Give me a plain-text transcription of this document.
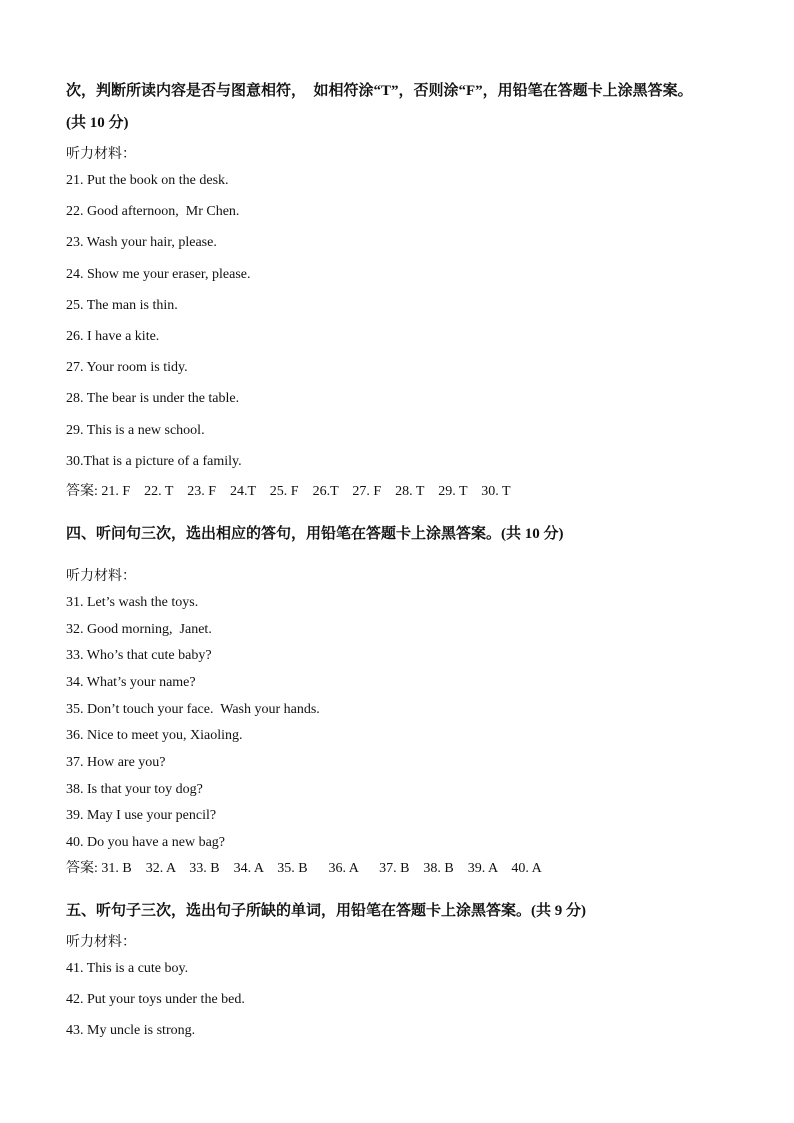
次，判断所读内容是否与图意相符，  如相符涂“T”，否则涂“F”，用铅笔在答题卡上涂黑答案。
(共 10 分)
听力材料：
21. Put the book on the desk.
22. Good afternoon,  Mr Chen.
23. Wash your hair, please.
24. Show me your eraser, please.
25. The man is thin.
26. I have a kite.
27. Your room is tidy.
28. The bear is under the table.
29. This is a new school.
30.That is a picture of a family.
答案: 21. F    22. T    23. F    24.T    25. F    26.T    27. F    28. T    29. T    30. T
四、听问句三次，选出相应的答句，用铅笔在答题卡上涂黑答案。(共 10 分)
听力材料：
31. Let’s wash the toys.
32. Good morning,  Janet.
33. Who’s that cute baby?
34. What’s your name?
35. Don’t touch your face.  Wash your hands.
36. Nice to meet you, Xiaoling.
37. How are you?
38. Is that your toy dog?
39. May I use your pencil?
40. Do you have a new bag?
答案: 31. B    32. A    33. B    34. A    35. B      36. A      37. B    38. B    39. A    40. A
五、听句子三次，选出句子所缺的单词，用铅笔在答题卡上涂黑答案。(共 9 分)
听力材料：
41. This is a cute boy.
42. Put your toys under the bed.
43. My uncle is strong.
